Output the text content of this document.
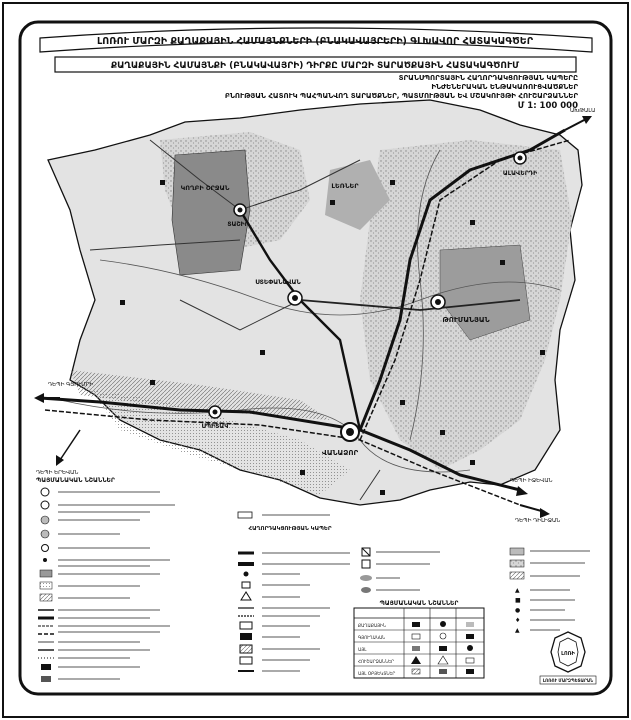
ԼՈՌՈՒ ՄԱՐԶԻ ՔԱՂԱՔԱՅԻՆ ՀԱՄԱՅՆՔՆԵՐԻ (ԲՆԱԿԱՎԱՅՐԵՐԻ) ԳԼԽԱՎՈՐ ՀԱՏԱԿԱԳԾԵՐ
ՔԱՂԱՔԱՅԻՆ ՀԱՄԱՅՆՔԻ (ԲՆԱԿԱՎԱՅՐԻ) ԴԻՐՔԸ ՄԱՐԶԻ ՏԱՐԱԾՔԱՅԻՆ ՀԱՏԱԿԱԳԾՈՒՄ
ՏՐԱՆՍՊՈՐՏԱՅԻՆ ՀԱՂՈՐԴԱԿՑՈՒԹՅԱՆ ԿԱՊԵՐԸ
ԻՆԺԵՆԵՐԱԿԱՆ ԵՆԹԱԿԱՌՈՒՑՎԱԾՔՆԵՐ
ԲՆՈՒԹՅԱՆ ՀԱՏՈՒԿ ՊԱՀՊԱՆՎՈՂ ՏԱՐԱԾՔՆԵՐ, ՊԱՏՄՈՒԹՅԱՆ ԵՎ ՄՇԱԿՈՒՅԹԻ ՀՈՒՇԱՐՁԱՆՆԵՐ
Մ 1: 100 000
ՏԱՇԻՐ
ՍՏԵՓԱՆԱՎԱՆ
ԹՈՒՄԱՆՅԱՆ
ՎԱՆԱՁՈՐ
ՍՊԻՏԱԿ
ԱԼԱՎԵՐԴԻ
ԿՈՂԲԻ ՇՐՋԱՆ	ԼԵՌՆԵՐ
ԱԽԹԱԼԱ
ԴԵՊԻ ԳՅՈՒՄՐԻ
ԴԵՊԻ ԻՋԵՎԱՆ
ԴԵՊԻ ԴԻԼԻՋԱՆ
ԴԵՊԻ ԵՐԵՎԱՆ
ՊԱՅՄԱՆԱԿԱՆ ՆՇԱՆՆԵՐ
ՀԱՂՈՐԴԱԿՑՈՒԹՅԱՆ ԿԱՊԵՐ
ՊԱՅՄԱՆԱԿԱՆ ՆՇԱՆՆԵՐ
ՔԱՂԱՔԱՅԻՆ
ԳՅՈՒՂԱԿԱՆ
ԱՅԼ
ՀՈՒՇԱՐՁԱՆՆԵՐ
ԱՅԼ ՕԲՅԵԿՏՆԵՐ
▲
■
●
♦
▲
ԼՈՌԻ
ԼՈՌՈՒ ՄԱՐԶՊԵՏԱՐԱՆ
